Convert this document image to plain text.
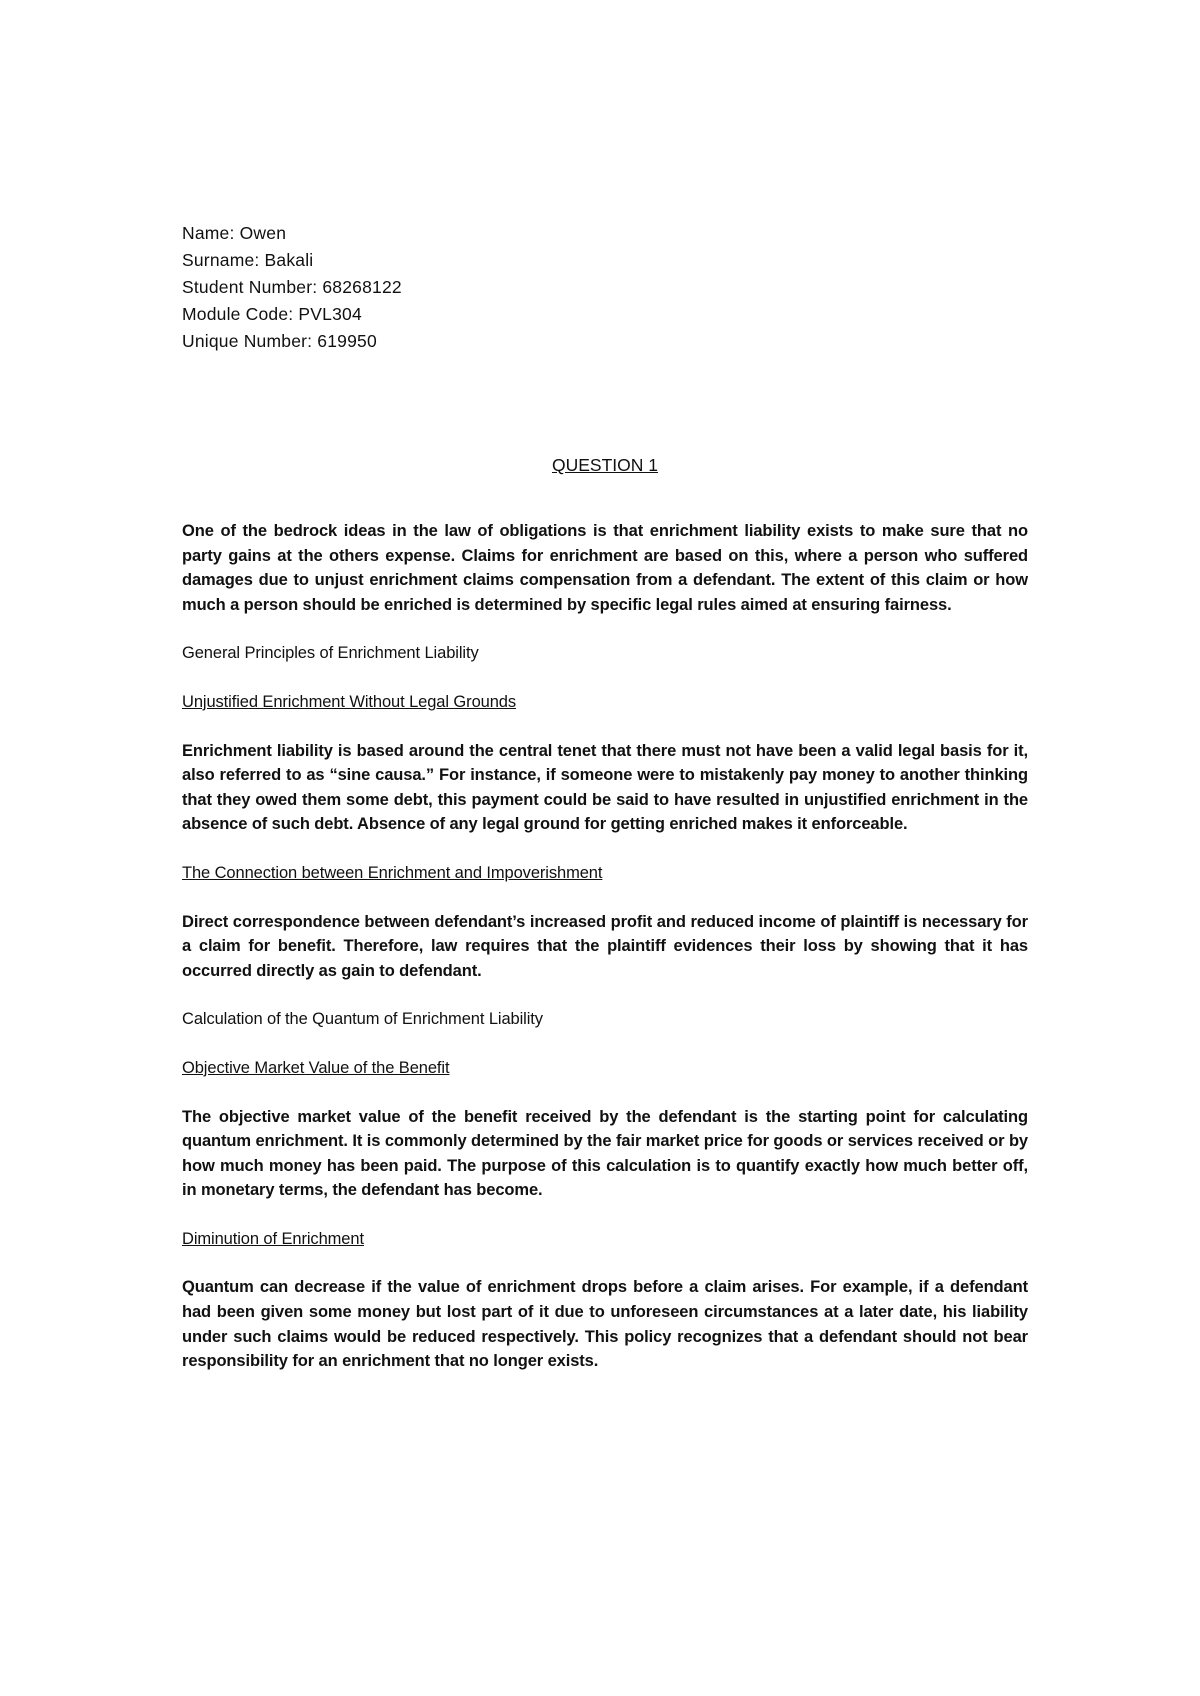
Name: Owen

Surname: Bakali

Student Number: 68268122

Module Code: PVL304

Unique Number: 619950

QUESTION 1

One of the bedrock ideas in the law of obligations is that enrichment liability exists to make sure that no party gains at the others expense. Claims for enrichment are based on this, where a person who suffered damages due to unjust enrichment claims compensation from a defendant. The extent of this claim or how much a person should be enriched is determined by specific legal rules aimed at ensuring fairness.

General Principles of Enrichment Liability

Unjustified Enrichment Without Legal Grounds

Enrichment liability is based around the central tenet that there must not have been a valid legal basis for it, also referred to as “sine causa.” For instance, if someone were to mistakenly pay money to another thinking that they owed them some debt, this payment could be said to have resulted in unjustified enrichment in the absence of such debt. Absence of any legal ground for getting enriched makes it enforceable.

The Connection between Enrichment and Impoverishment

Direct correspondence between defendant’s increased profit and reduced income of plaintiff is necessary for a claim for benefit. Therefore, law requires that the plaintiff evidences their loss by showing that it has occurred directly as gain to defendant.

Calculation of the Quantum of Enrichment Liability

Objective Market Value of the Benefit

The objective market value of the benefit received by the defendant is the starting point for calculating quantum enrichment. It is commonly determined by the fair market price for goods or services received or by how much money has been paid. The purpose of this calculation is to quantify exactly how much better off, in monetary terms, the defendant has become.

Diminution of Enrichment

Quantum can decrease if the value of enrichment drops before a claim arises. For example, if a defendant had been given some money but lost part of it due to unforeseen circumstances at a later date, his liability under such claims would be reduced respectively. This policy recognizes that a defendant should not bear responsibility for an enrichment that no longer exists.
